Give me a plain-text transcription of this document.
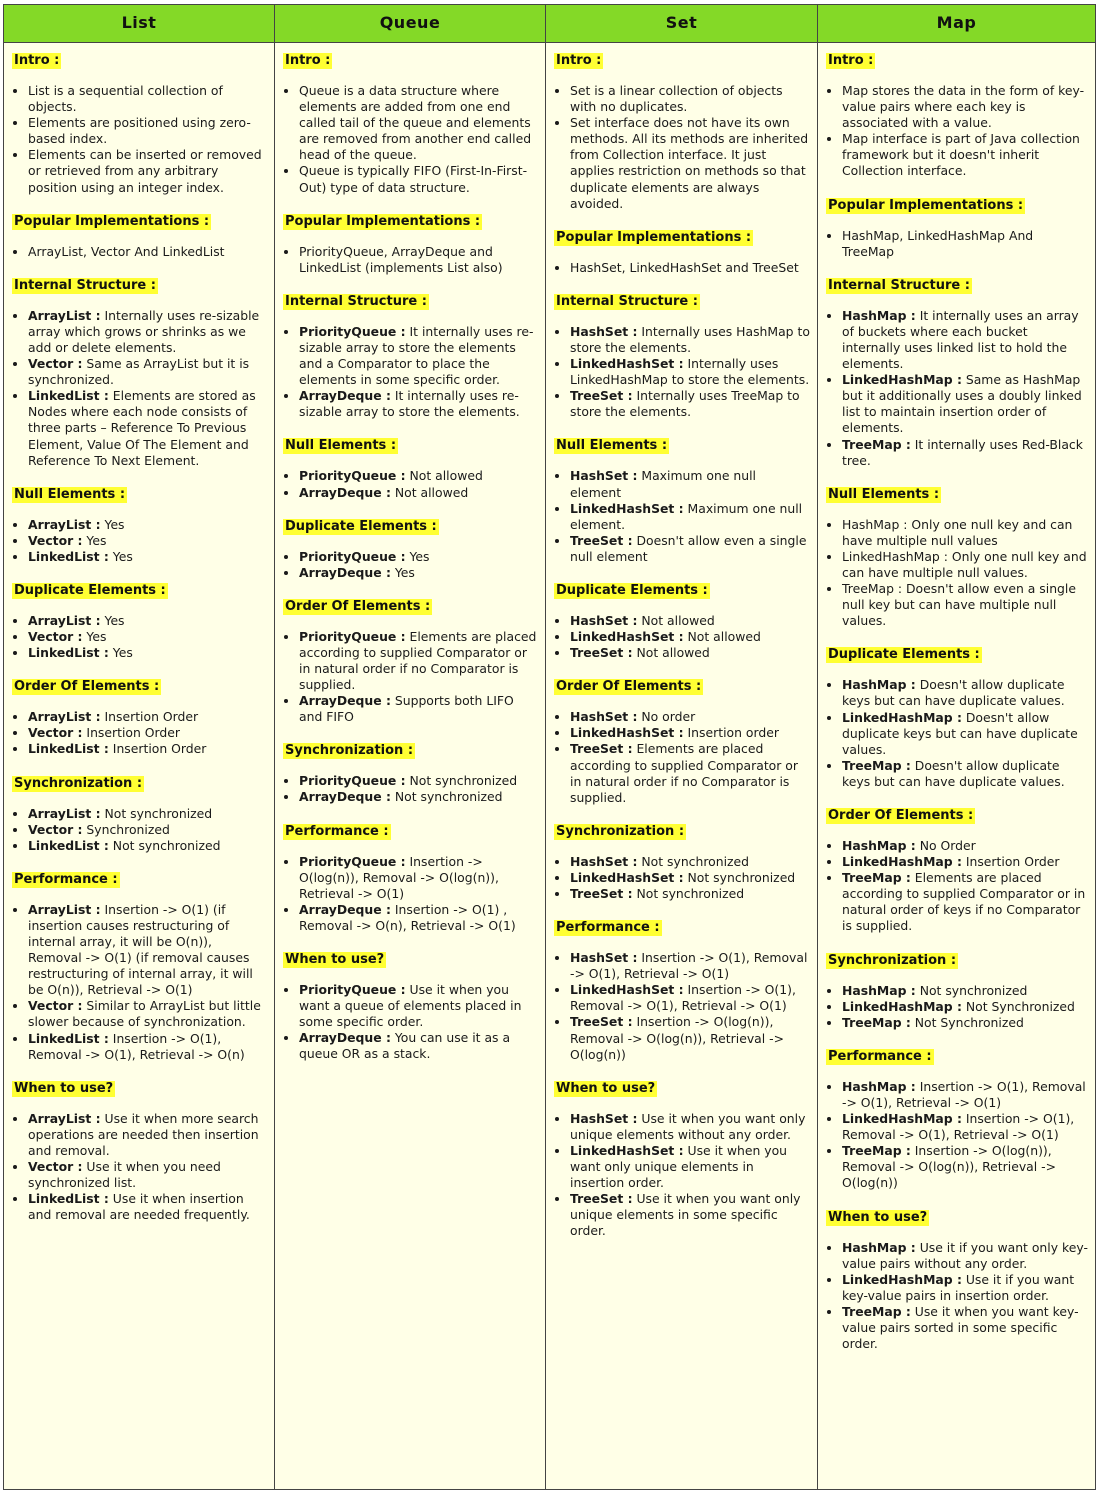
List
Intro :
• List is a sequential collection of objects.
• Elements are positioned using zero-based index.
• Elements can be inserted or removed or retrieved from any arbitrary position using an integer index.
Popular Implementations :
• ArrayList, Vector And LinkedList
Internal Structure :
• ArrayList : Internally uses re-sizable array which grows or shrinks as we add or delete elements.
• Vector : Same as ArrayList but it is synchronized.
• LinkedList : Elements are stored as Nodes where each node consists of three parts – Reference To Previous Element, Value Of The Element and Reference To Next Element.
Null Elements :
• ArrayList : Yes
• Vector : Yes
• LinkedList : Yes
Duplicate Elements :
• ArrayList : Yes
• Vector : Yes
• LinkedList : Yes
Order Of Elements :
• ArrayList : Insertion Order
• Vector : Insertion Order
• LinkedList : Insertion Order
Synchronization :
• ArrayList : Not synchronized
• Vector : Synchronized
• LinkedList : Not synchronized
Performance :
• ArrayList : Insertion -> O(1) (if insertion causes restructuring of internal array, it will be O(n)), Removal -> O(1) (if removal causes restructuring of internal array, it will be O(n)), Retrieval -> O(1)
• Vector : Similar to ArrayList but little slower because of synchronization.
• LinkedList : Insertion -> O(1), Removal -> O(1), Retrieval -> O(n)
When to use?
• ArrayList : Use it when more search operations are needed then insertion and removal.
• Vector : Use it when you need synchronized list.
• LinkedList : Use it when insertion and removal are needed frequently.
Queue
Intro :
• Queue is a data structure where elements are added from one end called tail of the queue and elements are removed from another end called head of the queue.
• Queue is typically FIFO (First-In-First-Out) type of data structure.
Popular Implementations :
• PriorityQueue, ArrayDeque and LinkedList (implements List also)
Internal Structure :
• PriorityQueue : It internally uses re-sizable array to store the elements and a Comparator to place the elements in some specific order.
• ArrayDeque : It internally uses re-sizable array to store the elements.
Null Elements :
• PriorityQueue : Not allowed
• ArrayDeque : Not allowed
Duplicate Elements :
• PriorityQueue : Yes
• ArrayDeque : Yes
Order Of Elements :
• PriorityQueue : Elements are placed according to supplied Comparator or in natural order if no Comparator is supplied.
• ArrayDeque : Supports both LIFO and FIFO
Synchronization :
• PriorityQueue : Not synchronized
• ArrayDeque : Not synchronized
Performance :
• PriorityQueue : Insertion -> O(log(n)), Removal -> O(log(n)), Retrieval -> O(1)
• ArrayDeque : Insertion -> O(1) , Removal -> O(n), Retrieval -> O(1)
When to use?
• PriorityQueue : Use it when you want a queue of elements placed in some specific order.
• ArrayDeque : You can use it as a queue OR as a stack.
Set
Intro :
• Set is a linear collection of objects with no duplicates.
• Set interface does not have its own methods. All its methods are inherited from Collection interface. It just applies restriction on methods so that duplicate elements are always avoided.
Popular Implementations :
• HashSet, LinkedHashSet and TreeSet
Internal Structure :
• HashSet : Internally uses HashMap to store the elements.
• LinkedHashSet : Internally uses LinkedHashMap to store the elements.
• TreeSet : Internally uses TreeMap to store the elements.
Null Elements :
• HashSet : Maximum one null element
• LinkedHashSet : Maximum one null element.
• TreeSet : Doesn't allow even a single null element
Duplicate Elements :
• HashSet : Not allowed
• LinkedHashSet : Not allowed
• TreeSet : Not allowed
Order Of Elements :
• HashSet : No order
• LinkedHashSet : Insertion order
• TreeSet : Elements are placed according to supplied Comparator or in natural order if no Comparator is supplied.
Synchronization :
• HashSet : Not synchronized
• LinkedHashSet : Not synchronized
• TreeSet : Not synchronized
Performance :
• HashSet : Insertion -> O(1), Removal -> O(1), Retrieval -> O(1)
• LinkedHashSet : Insertion -> O(1), Removal -> O(1), Retrieval -> O(1)
• TreeSet : Insertion -> O(log(n)), Removal -> O(log(n)), Retrieval -> O(log(n))
When to use?
• HashSet : Use it when you want only unique elements without any order.
• LinkedHashSet : Use it when you want only unique elements in insertion order.
• TreeSet : Use it when you want only unique elements in some specific order.
Map
Intro :
• Map stores the data in the form of key-value pairs where each key is associated with a value.
• Map interface is part of Java collection framework but it doesn't inherit Collection interface.
Popular Implementations :
• HashMap, LinkedHashMap And TreeMap
Internal Structure :
• HashMap : It internally uses an array of buckets where each bucket internally uses linked list to hold the elements.
• LinkedHashMap : Same as HashMap but it additionally uses a doubly linked list to maintain insertion order of elements.
• TreeMap : It internally uses Red-Black tree.
Null Elements :
• HashMap : Only one null key and can have multiple null values
• LinkedHashMap : Only one null key and can have multiple null values.
• TreeMap : Doesn't allow even a single null key but can have multiple null values.
Duplicate Elements :
• HashMap : Doesn't allow duplicate keys but can have duplicate values.
• LinkedHashMap : Doesn't allow duplicate keys but can have duplicate values.
• TreeMap : Doesn't allow duplicate keys but can have duplicate values.
Order Of Elements :
• HashMap : No Order
• LinkedHashMap : Insertion Order
• TreeMap : Elements are placed according to supplied Comparator or in natural order of keys if no Comparator is supplied.
Synchronization :
• HashMap : Not synchronized
• LinkedHashMap : Not Synchronized
• TreeMap : Not Synchronized
Performance :
• HashMap : Insertion -> O(1), Removal -> O(1), Retrieval -> O(1)
• LinkedHashMap : Insertion -> O(1), Removal -> O(1), Retrieval -> O(1)
• TreeMap : Insertion -> O(log(n)), Removal -> O(log(n)), Retrieval -> O(log(n))
When to use?
• HashMap : Use it if you want only key-value pairs without any order.
• LinkedHashMap : Use it if you want key-value pairs in insertion order.
• TreeMap : Use it when you want key-value pairs sorted in some specific order.
